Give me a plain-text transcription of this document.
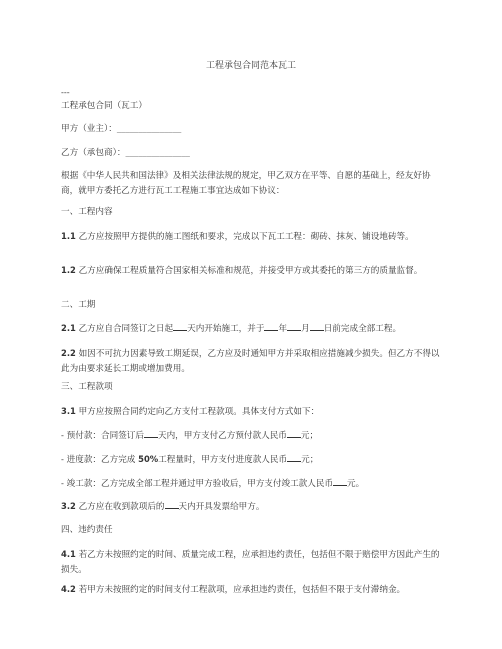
工程承包合同范本瓦工
---
工程承包合同（瓦工）
甲方（业主）：_______________
乙方（承包商）：_______________
根据《中华人民共和国法律》及相关法律法规的规定，甲乙双方在平等、自愿的基础上，经友好协商，就甲方委托乙方进行瓦工工程施工事宜达成如下协议：
一、工程内容
1.1 乙方应按照甲方提供的施工图纸和要求，完成以下瓦工工程：砌砖、抹灰、铺设地砖等。
1.2 乙方应确保工程质量符合国家相关标准和规范，并接受甲方或其委托的第三方的质量监督。
二、工期
2.1 乙方应自合同签订之日起 天内开始施工，并于 年 月 日前完成全部工程。
2.2 如因不可抗力因素导致工期延误，乙方应及时通知甲方并采取相应措施减少损失。但乙方不得以此为由要求延长工期或增加费用。
三、工程款项
3.1 甲方应按照合同约定向乙方支付工程款项。具体支付方式如下：
- 预付款：合同签订后 天内，甲方支付乙方预付款人民币 元；
- 进度款：乙方完成 50%工程量时，甲方支付进度款人民币 元；
- 竣工款：乙方完成全部工程并通过甲方验收后，甲方支付竣工款人民币 元。
3.2 乙方应在收到款项后的 天内开具发票给甲方。
四、违约责任
4.1 若乙方未按照约定的时间、质量完成工程，应承担违约责任，包括但不限于赔偿甲方因此产生的损失。
4.2 若甲方未按照约定的时间支付工程款项，应承担违约责任，包括但不限于支付滞纳金。
